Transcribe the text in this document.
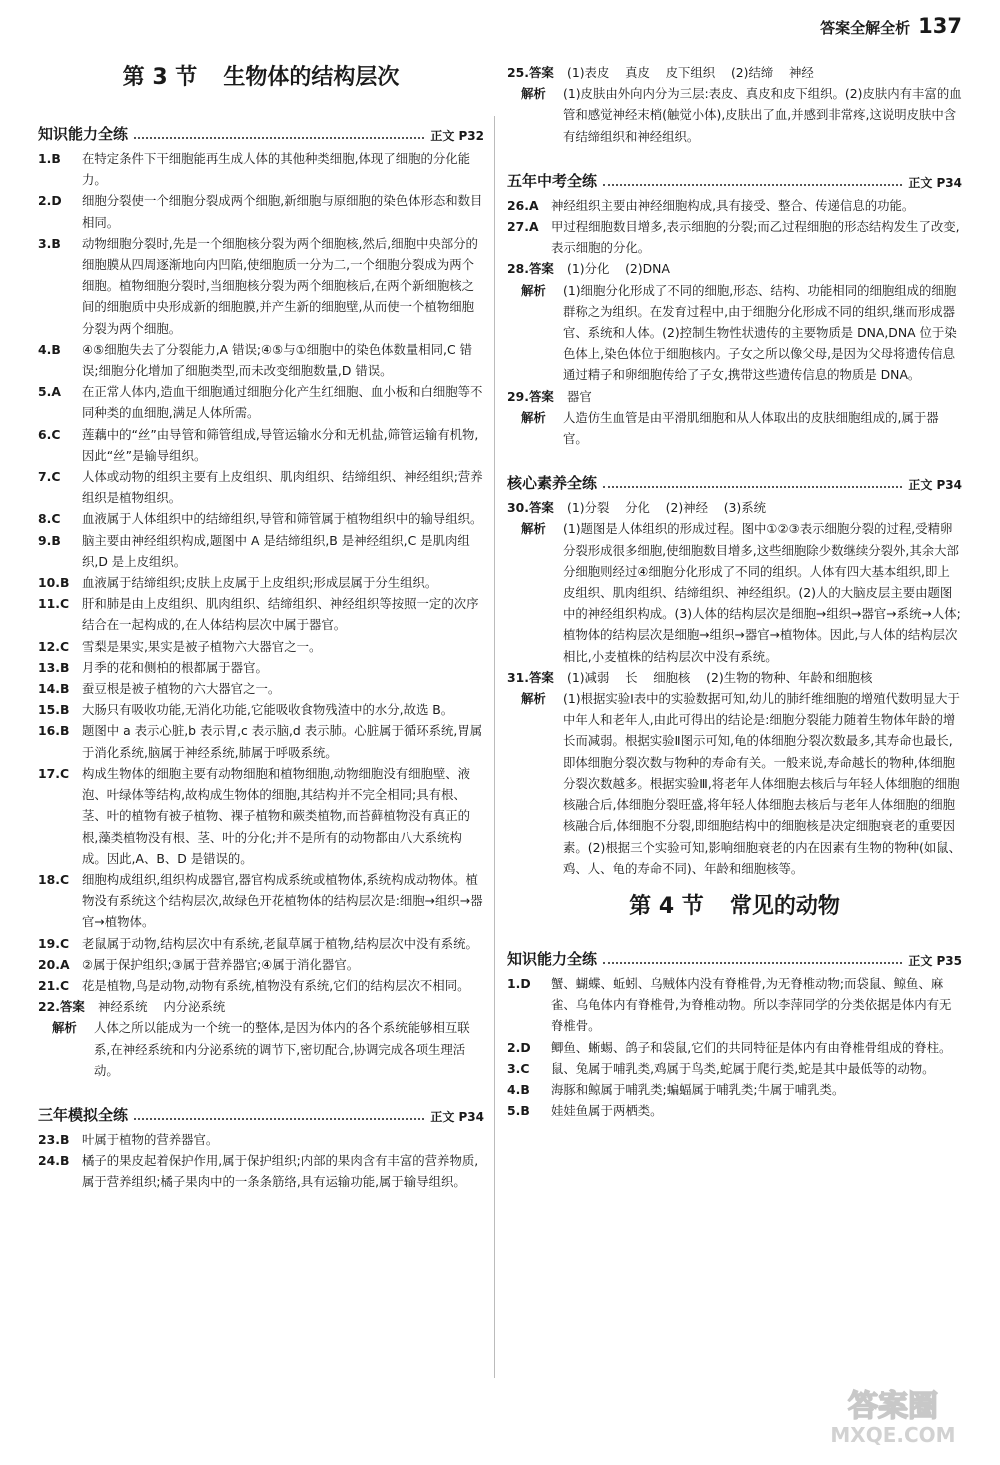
答案全解全析 137
第 3 节 生物体的结构层次
知识能力全练	正文 P32
1.B	在特定条件下干细胞能再生成人体的其他种类细胞,体现了细胞的分化能力。
2.D	细胞分裂使一个细胞分裂成两个细胞,新细胞与原细胞的染色体形态和数目相同。
3.B	动物细胞分裂时,先是一个细胞核分裂为两个细胞核,然后,细胞中央部分的细胞膜从四周逐渐地向内凹陷,使细胞质一分为二,一个细胞分裂成为两个细胞。植物细胞分裂时,当细胞核分裂为两个细胞核后,在两个新细胞核之间的细胞质中央形成新的细胞膜,并产生新的细胞壁,从而使一个植物细胞分裂为两个细胞。
4.B	④⑤细胞失去了分裂能力,A 错误;④⑤与①细胞中的染色体数量相同,C 错误;细胞分化增加了细胞类型,而未改变细胞数量,D 错误。
5.A	在正常人体内,造血干细胞通过细胞分化产生红细胞、血小板和白细胞等不同种类的血细胞,满足人体所需。
6.C	莲藕中的“丝”由导管和筛管组成,导管运输水分和无机盐,筛管运输有机物,因此“丝”是输导组织。
7.C	人体或动物的组织主要有上皮组织、肌肉组织、结缔组织、神经组织;营养组织是植物组织。
8.C	血液属于人体组织中的结缔组织,导管和筛管属于植物组织中的输导组织。
9.B	脑主要由神经组织构成,题图中 A 是结缔组织,B 是神经组织,C 是肌肉组织,D 是上皮组织。
10.B	血液属于结缔组织;皮肤上皮属于上皮组织;形成层属于分生组织。
11.C	肝和肺是由上皮组织、肌肉组织、结缔组织、神经组织等按照一定的次序结合在一起构成的,在人体结构层次中属于器官。
12.C	雪梨是果实,果实是被子植物六大器官之一。
13.B	月季的花和侧柏的根都属于器官。
14.B	蚕豆根是被子植物的六大器官之一。
15.B	大肠只有吸收功能,无消化功能,它能吸收食物残渣中的水分,故选 B。
16.B	题图中 a 表示心脏,b 表示胃,c 表示脑,d 表示肺。心脏属于循环系统,胃属于消化系统,脑属于神经系统,肺属于呼吸系统。
17.C	构成生物体的细胞主要有动物细胞和植物细胞,动物细胞没有细胞壁、液泡、叶绿体等结构,故构成生物体的细胞,其结构并不完全相同;具有根、茎、叶的植物有被子植物、裸子植物和蕨类植物,而苔藓植物没有真正的根,藻类植物没有根、茎、叶的分化;并不是所有的动物都由八大系统构成。因此,A、B、D 是错误的。
18.C	细胞构成组织,组织构成器官,器官构成系统或植物体,系统构成动物体。植物没有系统这个结构层次,故绿色开花植物体的结构层次是:细胞→组织→器官→植物体。
19.C	老鼠属于动物,结构层次中有系统,老鼠草属于植物,结构层次中没有系统。
20.A	②属于保护组织;③属于营养器官;④属于消化器官。
21.C	花是植物,鸟是动物,动物有系统,植物没有系统,它们的结构层次不相同。
22.答案	神经系统    内分泌系统
解析	人体之所以能成为一个统一的整体,是因为体内的各个系统能够相互联系,在神经系统和内分泌系统的调节下,密切配合,协调完成各项生理活动。
三年模拟全练	正文 P34
23.B	叶属于植物的营养器官。
24.B	橘子的果皮起着保护作用,属于保护组织;内部的果肉含有丰富的营养物质,属于营养组织;橘子果肉中的一条条筋络,具有运输功能,属于输导组织。
25.答案	(1)表皮    真皮    皮下组织    (2)结缔    神经
解析	(1)皮肤由外向内分为三层:表皮、真皮和皮下组织。(2)皮肤内有丰富的血管和感觉神经末梢(触觉小体),皮肤出了血,并感到非常疼,这说明皮肤中含有结缔组织和神经组织。
五年中考全练	正文 P34
26.A	神经组织主要由神经细胞构成,具有接受、整合、传递信息的功能。
27.A	甲过程细胞数目增多,表示细胞的分裂;而乙过程细胞的形态结构发生了改变,表示细胞的分化。
28.答案	(1)分化    (2)DNA
解析	(1)细胞分化形成了不同的细胞,形态、结构、功能相同的细胞组成的细胞群称之为组织。在发育过程中,由于细胞分化形成不同的组织,继而形成器官、系统和人体。(2)控制生物性状遗传的主要物质是 DNA,DNA 位于染色体上,染色体位于细胞核内。子女之所以像父母,是因为父母将遗传信息通过精子和卵细胞传给了子女,携带这些遗传信息的物质是 DNA。
29.答案	器官
解析	人造仿生血管是由平滑肌细胞和从人体取出的皮肤细胞组成的,属于器官。
核心素养全练	正文 P34
30.答案	(1)分裂    分化    (2)神经    (3)系统
解析	(1)题图是人体组织的形成过程。图中①②③表示细胞分裂的过程,受精卵分裂形成很多细胞,使细胞数目增多,这些细胞除少数继续分裂外,其余大部分细胞则经过④细胞分化形成了不同的组织。人体有四大基本组织,即上皮组织、肌肉组织、结缔组织、神经组织。(2)人的大脑皮层主要由题图中的神经组织构成。(3)人体的结构层次是细胞→组织→器官→系统→人体;植物体的结构层次是细胞→组织→器官→植物体。因此,与人体的结构层次相比,小麦植株的结构层次中没有系统。
31.答案	(1)减弱    长    细胞核    (2)生物的物种、年龄和细胞核
解析	(1)根据实验Ⅰ表中的实验数据可知,幼儿的肺纤维细胞的增殖代数明显大于中年人和老年人,由此可得出的结论是:细胞分裂能力随着生物体年龄的增长而减弱。根据实验Ⅱ图示可知,龟的体细胞分裂次数最多,其寿命也最长,即体细胞分裂次数与物种的寿命有关。一般来说,寿命越长的物种,体细胞分裂次数越多。根据实验Ⅲ,将老年人体细胞去核后与年轻人体细胞的细胞核融合后,体细胞分裂旺盛,将年轻人体细胞去核后与老年人体细胞的细胞核融合后,体细胞不分裂,即细胞结构中的细胞核是决定细胞衰老的重要因素。(2)根据三个实验可知,影响细胞衰老的内在因素有生物的物种(如鼠、鸡、人、龟的寿命不同)、年龄和细胞核等。
第 4 节 常见的动物
知识能力全练	正文 P35
1.D	蟹、蝴蝶、蚯蚓、乌贼体内没有脊椎骨,为无脊椎动物;而袋鼠、鲸鱼、麻雀、乌龟体内有脊椎骨,为脊椎动物。所以李萍同学的分类依据是体内有无脊椎骨。
2.D	鲫鱼、蜥蜴、鸽子和袋鼠,它们的共同特征是体内有由脊椎骨组成的脊柱。
3.C	鼠、兔属于哺乳类,鸡属于鸟类,蛇属于爬行类,蛇是其中最低等的动物。
4.B	海豚和鲸属于哺乳类;蝙蝠属于哺乳类;牛属于哺乳类。
5.B	娃娃鱼属于两栖类。
答案圈
MXQE.COM
